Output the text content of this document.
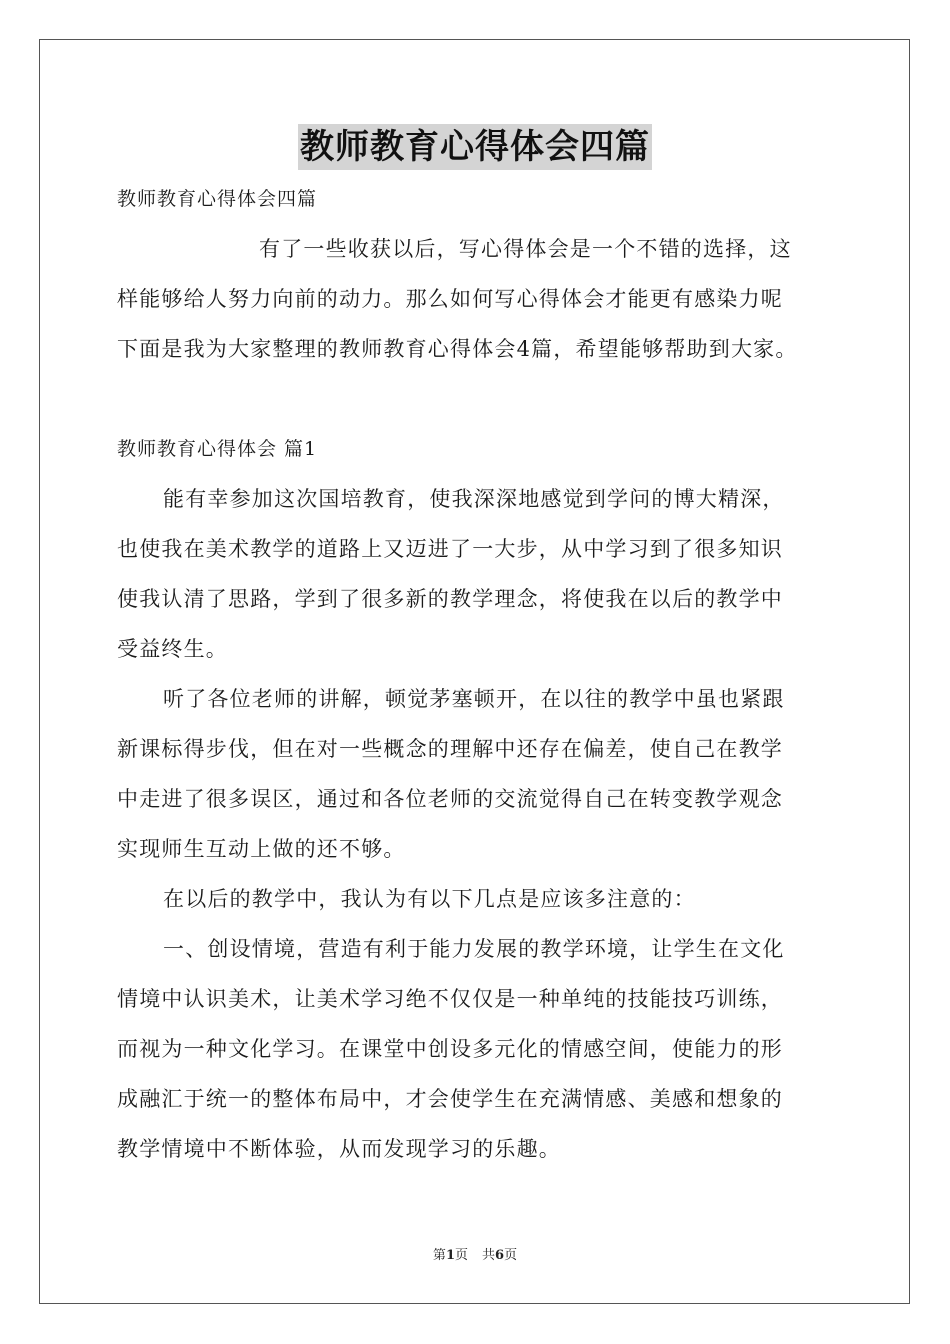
教师教育心得体会四篇
教师教育心得体会四篇
有了一些收获以后，写心得体会是一个不错的选择，这
样能够给人努力向前的动力。那么如何写心得体会才能更有感染力呢
下面是我为大家整理的教师教育心得体会4篇，希望能够帮助到大家。
教师教育心得体会 篇1
能有幸参加这次国培教育，使我深深地感觉到学问的博大精深，
也使我在美术教学的道路上又迈进了一大步，从中学习到了很多知识
使我认清了思路，学到了很多新的教学理念，将使我在以后的教学中
受益终生。
听了各位老师的讲解，顿觉茅塞顿开，在以往的教学中虽也紧跟
新课标得步伐，但在对一些概念的理解中还存在偏差，使自己在教学
中走进了很多误区，通过和各位老师的交流觉得自己在转变教学观念
实现师生互动上做的还不够。
在以后的教学中，我认为有以下几点是应该多注意的：
一、创设情境，营造有利于能力发展的教学环境，让学生在文化
情境中认识美术，让美术学习绝不仅仅是一种单纯的技能技巧训练，
而视为一种文化学习。在课堂中创设多元化的情感空间，使能力的形
成融汇于统一的整体布局中，才会使学生在充满情感、美感和想象的
教学情境中不断体验，从而发现学习的乐趣。
第1页 共6页
